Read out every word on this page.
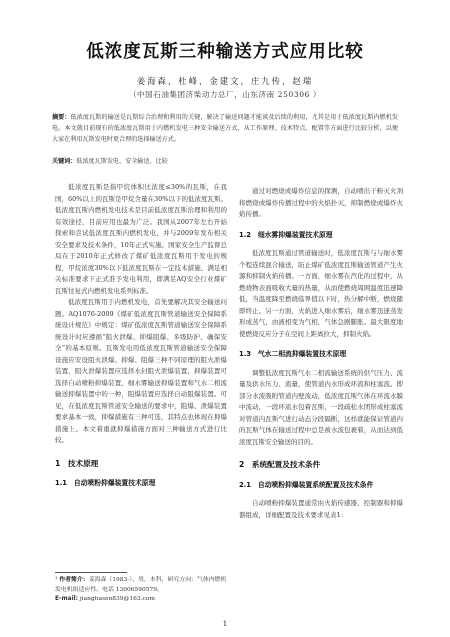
低浓度瓦斯三种输送方式应用比较
姜海森，杜峰，金建文，庄九传，赵瑞
（中国石油集团济柴动力总厂，山东济南 250306 ）
摘要：低浓度瓦斯的输送是瓦斯综合治理和利用的关键，解决了输送问题才能谈及后续的利用，尤其是用于低浓度瓦斯内燃机发电。本文就目前现有的低浓度瓦斯用于内燃机发电三种安全输送方式，从工作原理、技术特点、配置等方面进行比较分析，以便大家在利用瓦斯发电时更合理的选择输送方式。
关键词：低浓度瓦斯发电、安全输送、比较

低浓度瓦斯是指甲烷体积比浓度≤30%的瓦斯，在我国，60%以上的瓦斯是甲烷含量在30%以下的低浓度瓦斯。低浓度瓦斯内燃机发电技术是目前低浓度瓦斯治理和利用的有效途径，目前应用也最为广泛。我国从2007年左右开始探索和尝试低浓度瓦斯内燃机发电，并与2009年发布相关安全要求及技术条件，10年正式实施。国家安全生产监督总局在于2010年正式修改了煤矿低浓度瓦斯用于发电的规程，甲烷浓度30%以下低浓度瓦斯在一定技术措施、满足相关标准要求下正式准予发电利用，即满足AQ安全行业煤矿瓦斯往复式内燃机发电系列标准。

低浓度瓦斯用于内燃机发电，首先要解决其安全输送问题。AQ1076-2009《煤矿低浓度瓦斯管道输送安全保障系统设计规范》中规定：煤矿低浓度瓦斯管道输送安全保障系统设计时应遵循“阻火泄爆、抑爆阻爆、多级防护、确保安全”的基本原则。瓦斯发电用低浓度瓦斯管道输送安全保障设施应安设阻火泄爆、抑爆、阻爆三种不同原理的阻火泄爆装置，阻火泄爆装置应选择水封阻火泄爆装置，抑爆装置可选择自动喷粉抑爆装置、细水雾输送抑爆装置和气水二相流输送抑爆装置中的一种，阻爆装置应选择自动阻爆装置。可见，在低浓度瓦斯管道安全输送的要求中，阻爆、泄爆装置要求基本一致，抑爆措施有三种可选，其特点也体现在抑爆措施上。本文着重就抑爆措施方面对三种输送方式进行比较。

1　技术原理
1.1　自动喷粉抑爆装置技术原理

通过对燃烧或爆炸信息的探测，自动喷出干粉灭火剂将燃烧或爆炸传播过程中的火焰扑灭，抑制燃烧或爆炸火焰传播。

1.2　细水雾抑爆装置技术原理

低浓度瓦斯通过管道输送时，低浓度瓦斯与与细水雾个程连续混合输送，防止煤矿低浓度瓦斯输送管道产生火源和抑制火焰传播。一方面，细水雾在汽化的过程中，从燃烧物表面吸收大量的热量，从而使燃烧周围温度迅速降低，当温度降至燃烧临界值以下时，热分解中断，燃烧随即终止。另一方面，火焰进入细水雾后，细水雾迅速蒸发形成蒸气，由液相变为气相，气体急剧膨胀。最大限度地使燃烧反应分子在空间上距离拉大，抑制火焰。

1.3　气水二相流抑爆装置技术原理

调整低浓度瓦斯气水二相流输送系统的供气压力、流量及供水压力、流量，使管道内水形成环流和柱塞流。即部分水流吸附管道内壁流动，低浓度瓦斯气体在环流水膜中流动，一段环流水包着瓦斯，一段疏松水团形成柱塞流对管道内瓦斯气进行动态分段隔断，这样就能保证管道内的瓦斯气体在输送过程中总是被水流包裹着，从而达到低浓度瓦斯安全输送的目的。

2　系统配置及技术条件
2.1　自动喷粉抑爆装置系统配置及技术条件

自动喷粉抑爆装置通常由火焰传感器、控制器和抑爆器组成，详细配置及技术要求见表1：

¹ 作者简介：姜海森（1983-），男，本科，研究方向：气体内燃机发电机组适应性。电话 13006590579。
E-mail: jianghasen839@163.com
1
